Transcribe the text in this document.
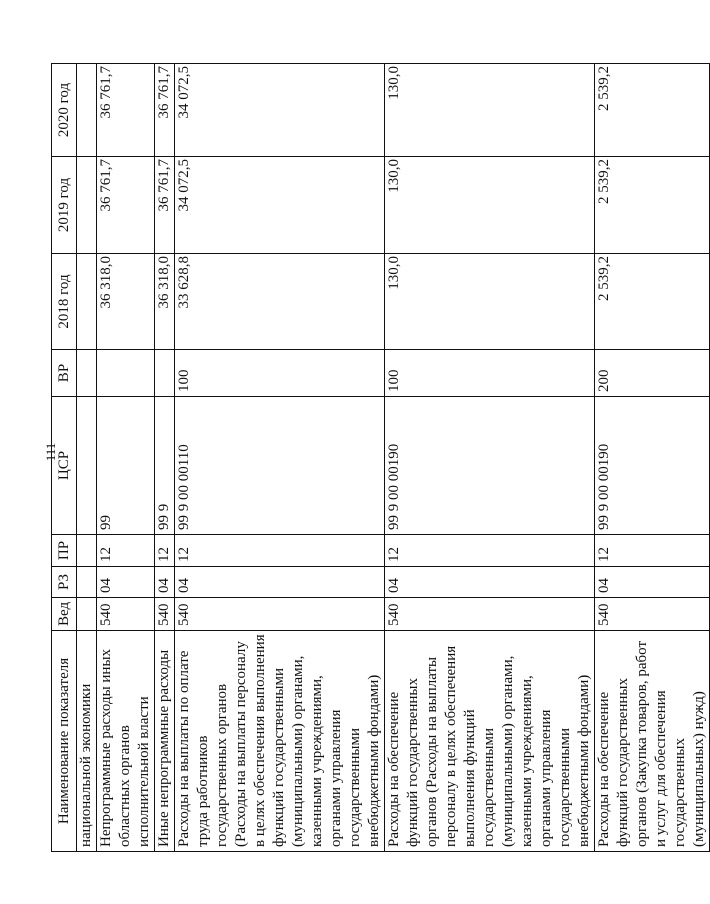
111
Наименование показателя	Вед	РЗ	ПР	ЦСР	ВР	2018 год	2019 год	2020 год
национальной экономики								
Непрограммные расходы иных областных органов исполнительной власти	540	04	12	99		36 318,0	36 761,7	36 761,7
Иные непрограммные расходы	540	04	12	99 9		36 318,0	36 761,7	36 761,7
Расходы на выплаты по оплате труда работников государственных органов (Расходы на выплаты персоналу в целях обеспечения выполнения функций государственными (муниципальными) органами, казенными учреждениями, органами управления государственными внебюджетными фондами)	540	04	12	99 9 00 00110	100	33 628,8	34 072,5	34 072,5
Расходы на обеспечение функций государственных органов (Расходы на выплаты персоналу в целях обеспечения выполнения функций государственными (муниципальными) органами, казенными учреждениями, органами управления государственными внебюджетными фондами)	540	04	12	99 9 00 00190	100	130,0	130,0	130,0
Расходы на обеспечение функций государственных органов (Закупка товаров, работ и услуг для обеспечения государственных (муниципальных) нужд)	540	04	12	99 9 00 00190	200	2 539,2	2 539,2	2 539,2
